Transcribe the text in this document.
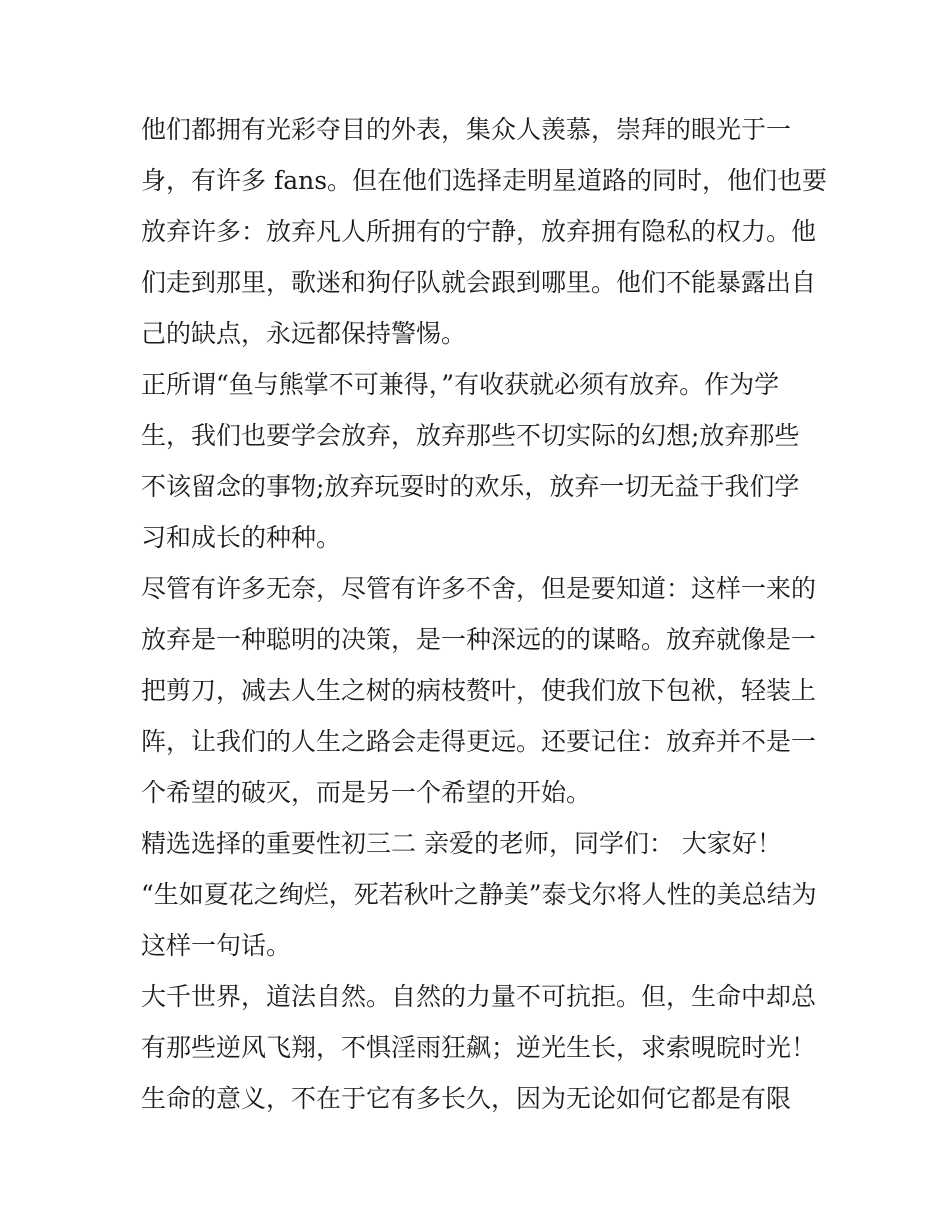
他们都拥有光彩夺目的外表，集众人羡慕，崇拜的眼光于一
身，有许多 fans。但在他们选择走明星道路的同时，他们也要
放弃许多：放弃凡人所拥有的宁静，放弃拥有隐私的权力。他
们走到那里，歌迷和狗仔队就会跟到哪里。他们不能暴露出自
己的缺点，永远都保持警惕。
正所谓“鱼与熊掌不可兼得，”有收获就必须有放弃。作为学
生，我们也要学会放弃，放弃那些不切实际的幻想;放弃那些
不该留念的事物;放弃玩耍时的欢乐，放弃一切无益于我们学
习和成长的种种。
尽管有许多无奈，尽管有许多不舍，但是要知道：这样一来的
放弃是一种聪明的决策，是一种深远的的谋略。放弃就像是一
把剪刀，减去人生之树的病枝赘叶，使我们放下包袱，轻装上
阵，让我们的人生之路会走得更远。还要记住：放弃并不是一
个希望的破灭，而是另一个希望的开始。
精选选择的重要性初三二 亲爱的老师，同学们： 大家好！
“生如夏花之绚烂，死若秋叶之静美”泰戈尔将人性的美总结为
这样一句话。
大千世界，道法自然。自然的力量不可抗拒。但，生命中却总
有那些逆风飞翔，不惧淫雨狂飙；逆光生长，求索晛晥时光！
生命的意义，不在于它有多长久，因为无论如何它都是有限
